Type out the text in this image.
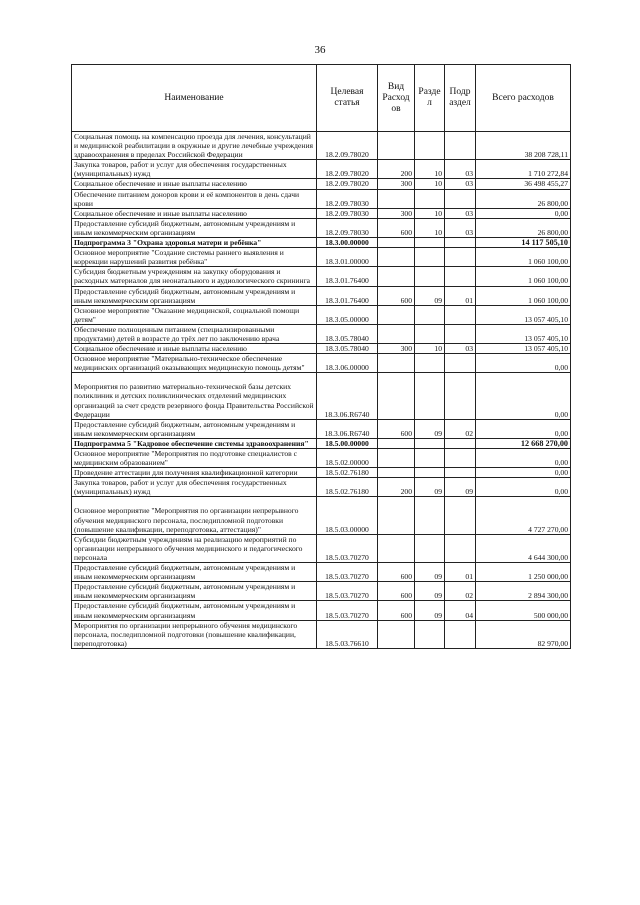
36
Наименование	Целевая статья	Вид Расход ов	Разде л	Подр аздел	Всего расходов
Социальная помощь на компенсацию проезда для лечения, консультаций и медицинской реабилитации в окружные и другие лечебные учреждения здравоохранения в пределах Российской Федерации	18.2.09.78020				38 208 728,11
Закупка товаров, работ и услуг для обеспечения государственных (муниципальных) нужд	18.2.09.78020	200	10	03	1 710 272,84
Социальное обеспечение и иные выплаты населению	18.2.09.78020	300	10	03	36 498 455,27
Обеспечение питанием доноров крови и её компонентов в день сдачи крови	18.2.09.78030				26 800,00
Социальное обеспечение и иные выплаты населению	18.2.09.78030	300	10	03	0,00
Предоставление субсидий бюджетным, автономным учреждениям и иным некоммерческим организациям	18.2.09.78030	600	10	03	26 800,00
Подпрограмма 3 "Охрана здоровья матери и ребёнка"	18.3.00.00000				14 117 505,10
Основное мероприятие "Создание системы раннего выявления и коррекции нарушений развития ребёнка"	18.3.01.00000				1 060 100,00
Субсидия бюджетным учреждениям на закупку оборудования и расходных материалов для неонатального и аудиологического скрининга	18.3.01.76400				1 060 100,00
Предоставление субсидий бюджетным, автономным учреждениям и иным некоммерческим организациям	18.3.01.76400	600	09	01	1 060 100,00
Основное мероприятие "Оказание медицинской, социальной помощи детям"	18.3.05.00000				13 057 405,10
Обеспечение полноценным питанием (специализированными продуктами) детей в возрасте до трёх лет по заключению врача	18.3.05.78040				13 057 405,10
Социальное обеспечение и иные выплаты населению	18.3.05.78040	300	10	03	13 057 405,10
Основное мероприятие "Материально-техническое обеспечение медицинских организаций оказывающих медицинскую помощь детям"	18.3.06.00000				0,00
Мероприятия по развитию материально-технической базы детских поликлиник и детских поликлинических отделений медицинских организаций за счет средств резервного фонда Правительства Российской Федерации	18.3.06.R6740				0,00
Предоставление субсидий бюджетным, автономным учреждениям и иным некоммерческим организациям	18.3.06.R6740	600	09	02	0,00
Подпрограмма 5 "Кадровое обеспечение системы здравоохранения"	18.5.00.00000				12 668 270,00
Основное мероприятие "Мероприятия по подготовке специалистов с медицинским образованием"	18.5.02.00000				0,00
Проведение аттестации для получения квалификационной категории	18.5.02.76180				0,00
Закупка товаров, работ и услуг для обеспечения государственных (муниципальных) нужд	18.5.02.76180	200	09	09	0,00
Основное мероприятие "Мероприятия по организации непрерывного обучения медицинского персонала, последипломной подготовки (повышение квалификации, переподготовка, аттестация)"	18.5.03.00000				4 727 270,00
Субсидии бюджетным учреждениям на реализацию мероприятий по организации непрерывного обучения медицинского и педагогического персонала	18.5.03.70270				4 644 300,00
Предоставление субсидий бюджетным, автономным учреждениям и иным некоммерческим организациям	18.5.03.70270	600	09	01	1 250 000,00
Предоставление субсидий бюджетным, автономным учреждениям и иным некоммерческим организациям	18.5.03.70270	600	09	02	2 894 300,00
Предоставление субсидий бюджетным, автономным учреждениям и иным некоммерческим организациям	18.5.03.70270	600	09	04	500 000,00
Мероприятия по организации непрерывного обучения медицинского персонала, последипломной подготовки (повышение квалификации, переподготовка)	18.5.03.76610				82 970,00
